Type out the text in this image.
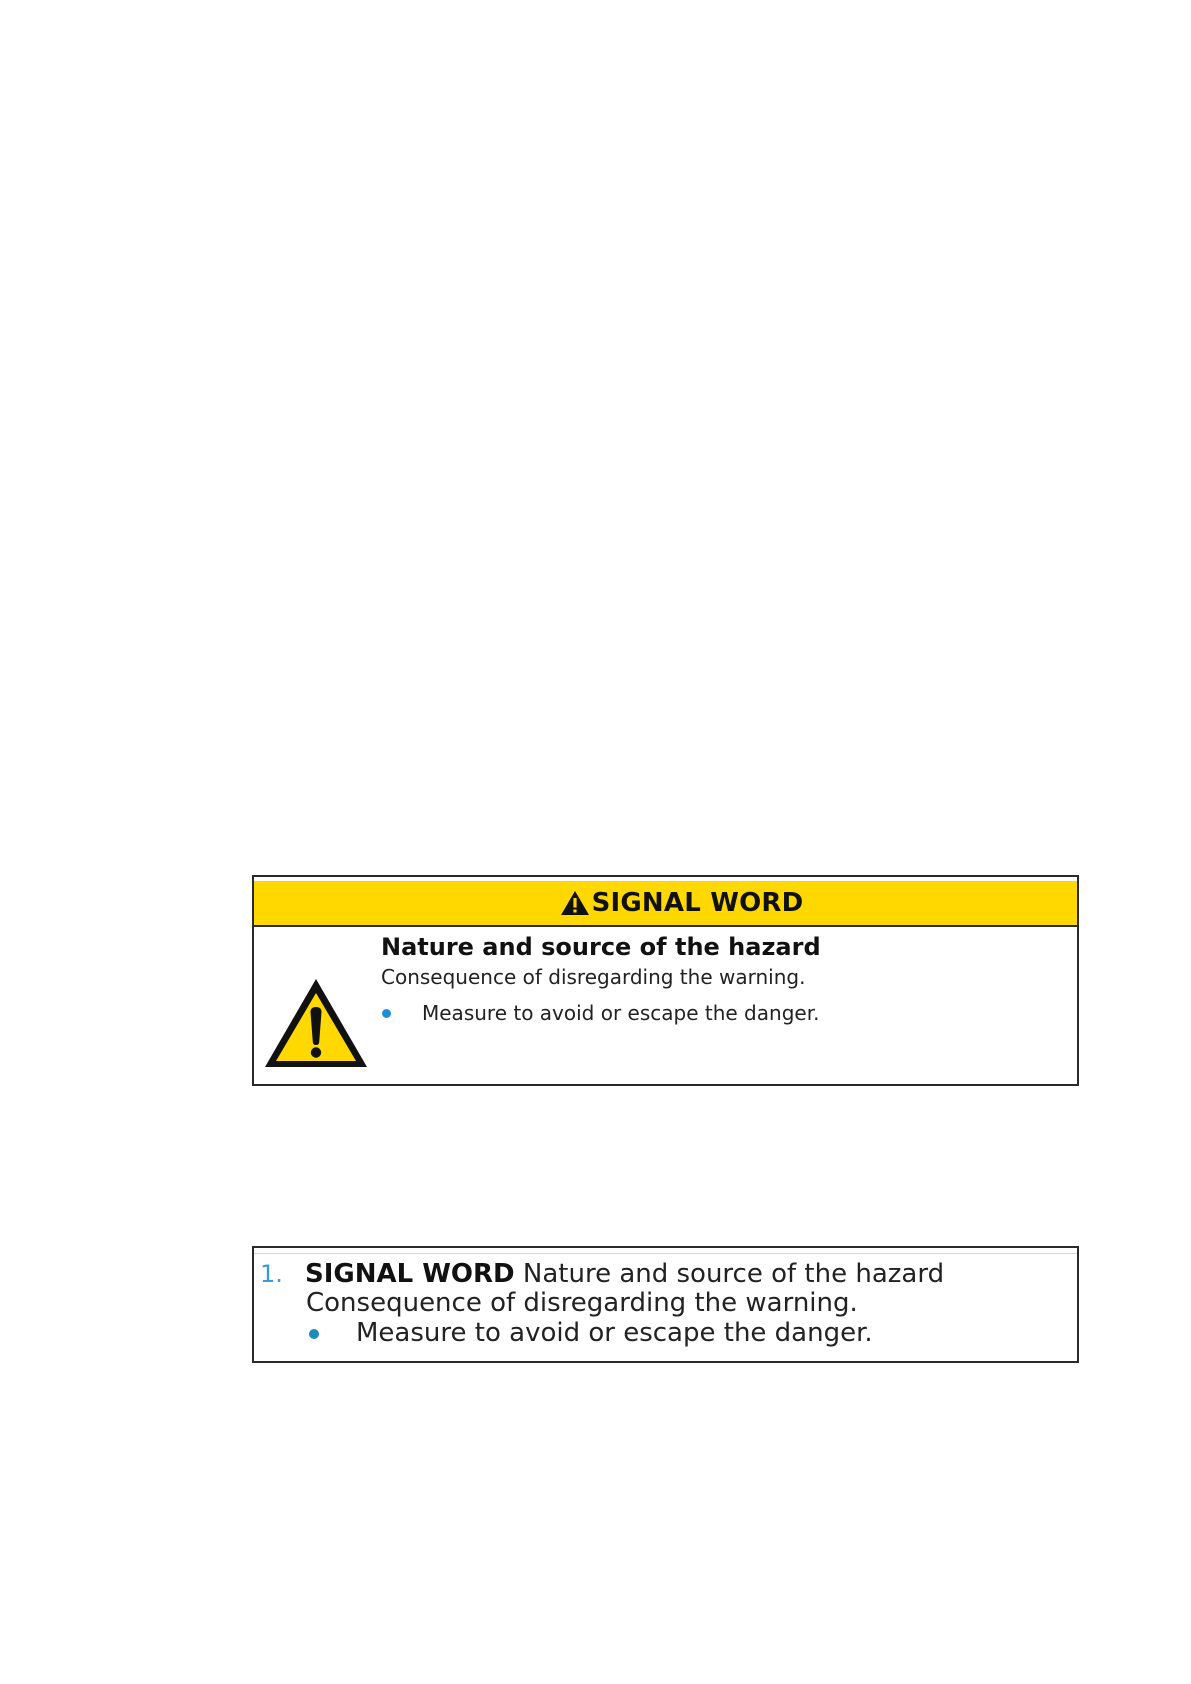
SIGNAL WORD
Nature and source of the hazard
Consequence of disregarding the warning.
Measure to avoid or escape the danger.
1. SIGNAL WORD Nature and source of the hazard
Consequence of disregarding the warning.
Measure to avoid or escape the danger.
